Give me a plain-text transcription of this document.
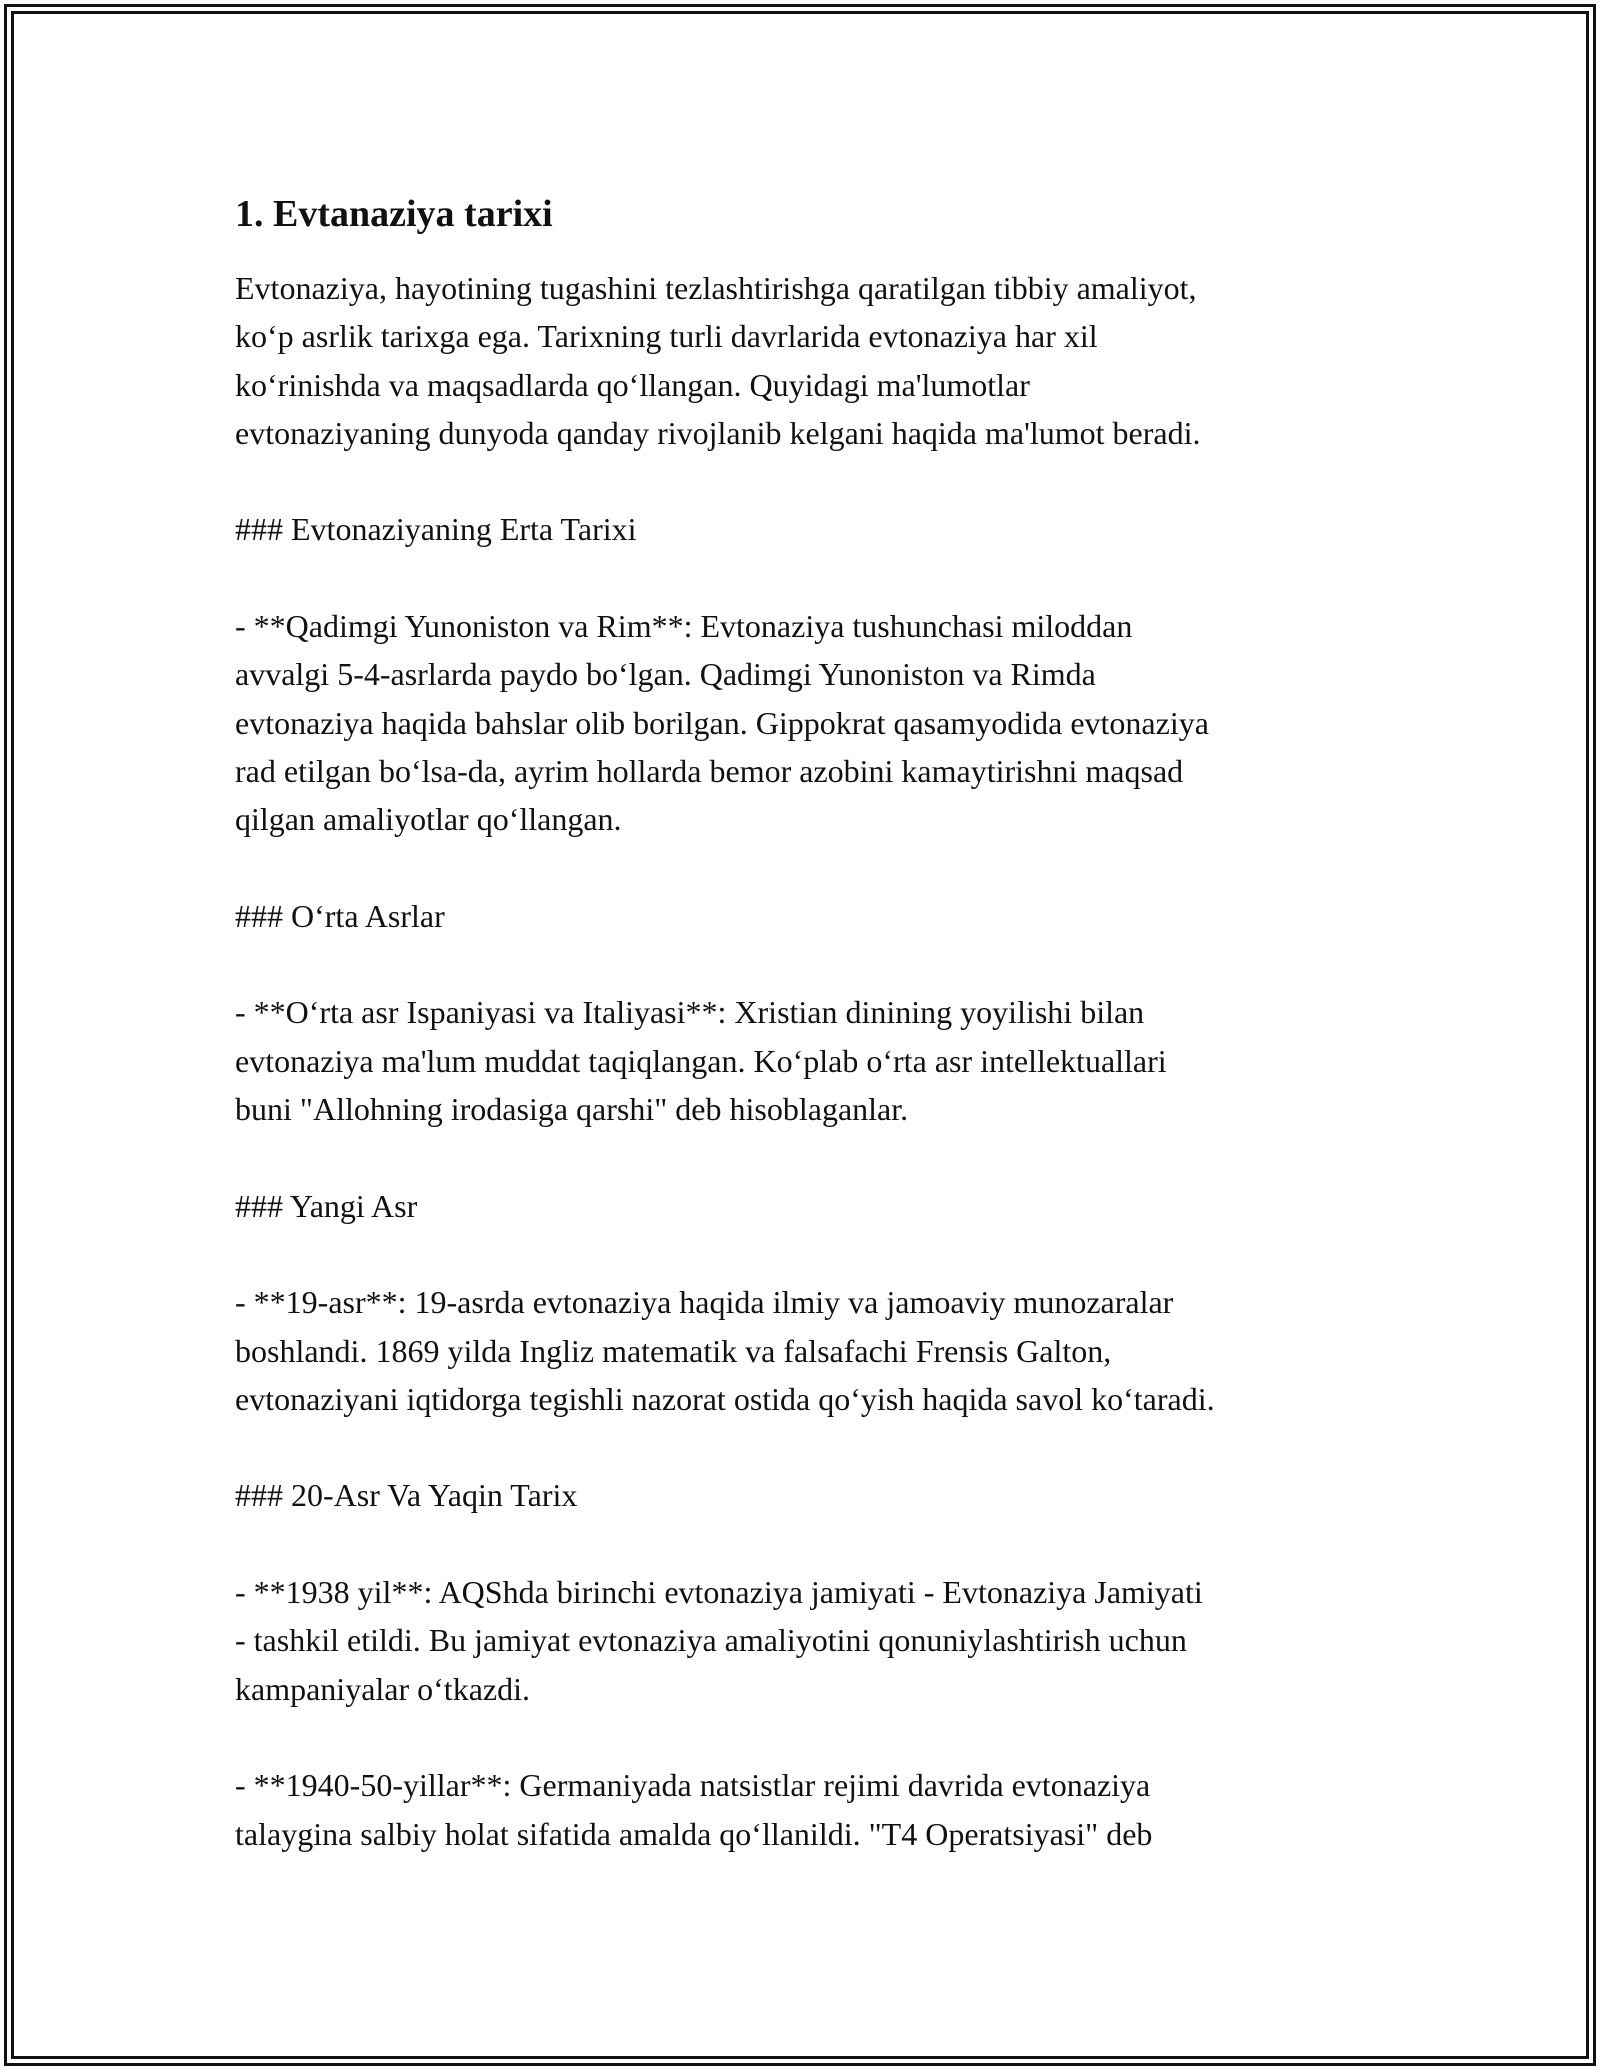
1. Evtanaziya tarixi

Evtonaziya, hayotining tugashini tezlashtirishga qaratilgan tibbiy amaliyot,
ko‘p asrlik tarixga ega. Tarixning turli davrlarida evtonaziya har xil
ko‘rinishda va maqsadlarda qo‘llangan. Quyidagi ma'lumotlar
evtonaziyaning dunyoda qanday rivojlanib kelgani haqida ma'lumot beradi.

### Evtonaziyaning Erta Tarixi

- **Qadimgi Yunoniston va Rim**: Evtonaziya tushunchasi miloddan
avvalgi 5-4-asrlarda paydo bo‘lgan. Qadimgi Yunoniston va Rimda
evtonaziya haqida bahslar olib borilgan. Gippokrat qasamyodida evtonaziya
rad etilgan bo‘lsa-da, ayrim hollarda bemor azobini kamaytirishni maqsad
qilgan amaliyotlar qo‘llangan.

### O‘rta Asrlar

- **O‘rta asr Ispaniyasi va Italiyasi**: Xristian dinining yoyilishi bilan
evtonaziya ma'lum muddat taqiqlangan. Ko‘plab o‘rta asr intellektuallari
buni "Allohning irodasiga qarshi" deb hisoblaganlar.

### Yangi Asr

- **19-asr**: 19-asrda evtonaziya haqida ilmiy va jamoaviy munozaralar
boshlandi. 1869 yilda Ingliz matematik va falsafachi Frensis Galton,
evtonaziyani iqtidorga tegishli nazorat ostida qo‘yish haqida savol ko‘taradi.

### 20-Asr Va Yaqin Tarix

- **1938 yil**: AQShda birinchi evtonaziya jamiyati - Evtonaziya Jamiyati
- tashkil etildi. Bu jamiyat evtonaziya amaliyotini qonuniylashtirish uchun
kampaniyalar o‘tkazdi.

- **1940-50-yillar**: Germaniyada natsistlar rejimi davrida evtonaziya
talaygina salbiy holat sifatida amalda qo‘llanildi. "T4 Operatsiyasi" deb
